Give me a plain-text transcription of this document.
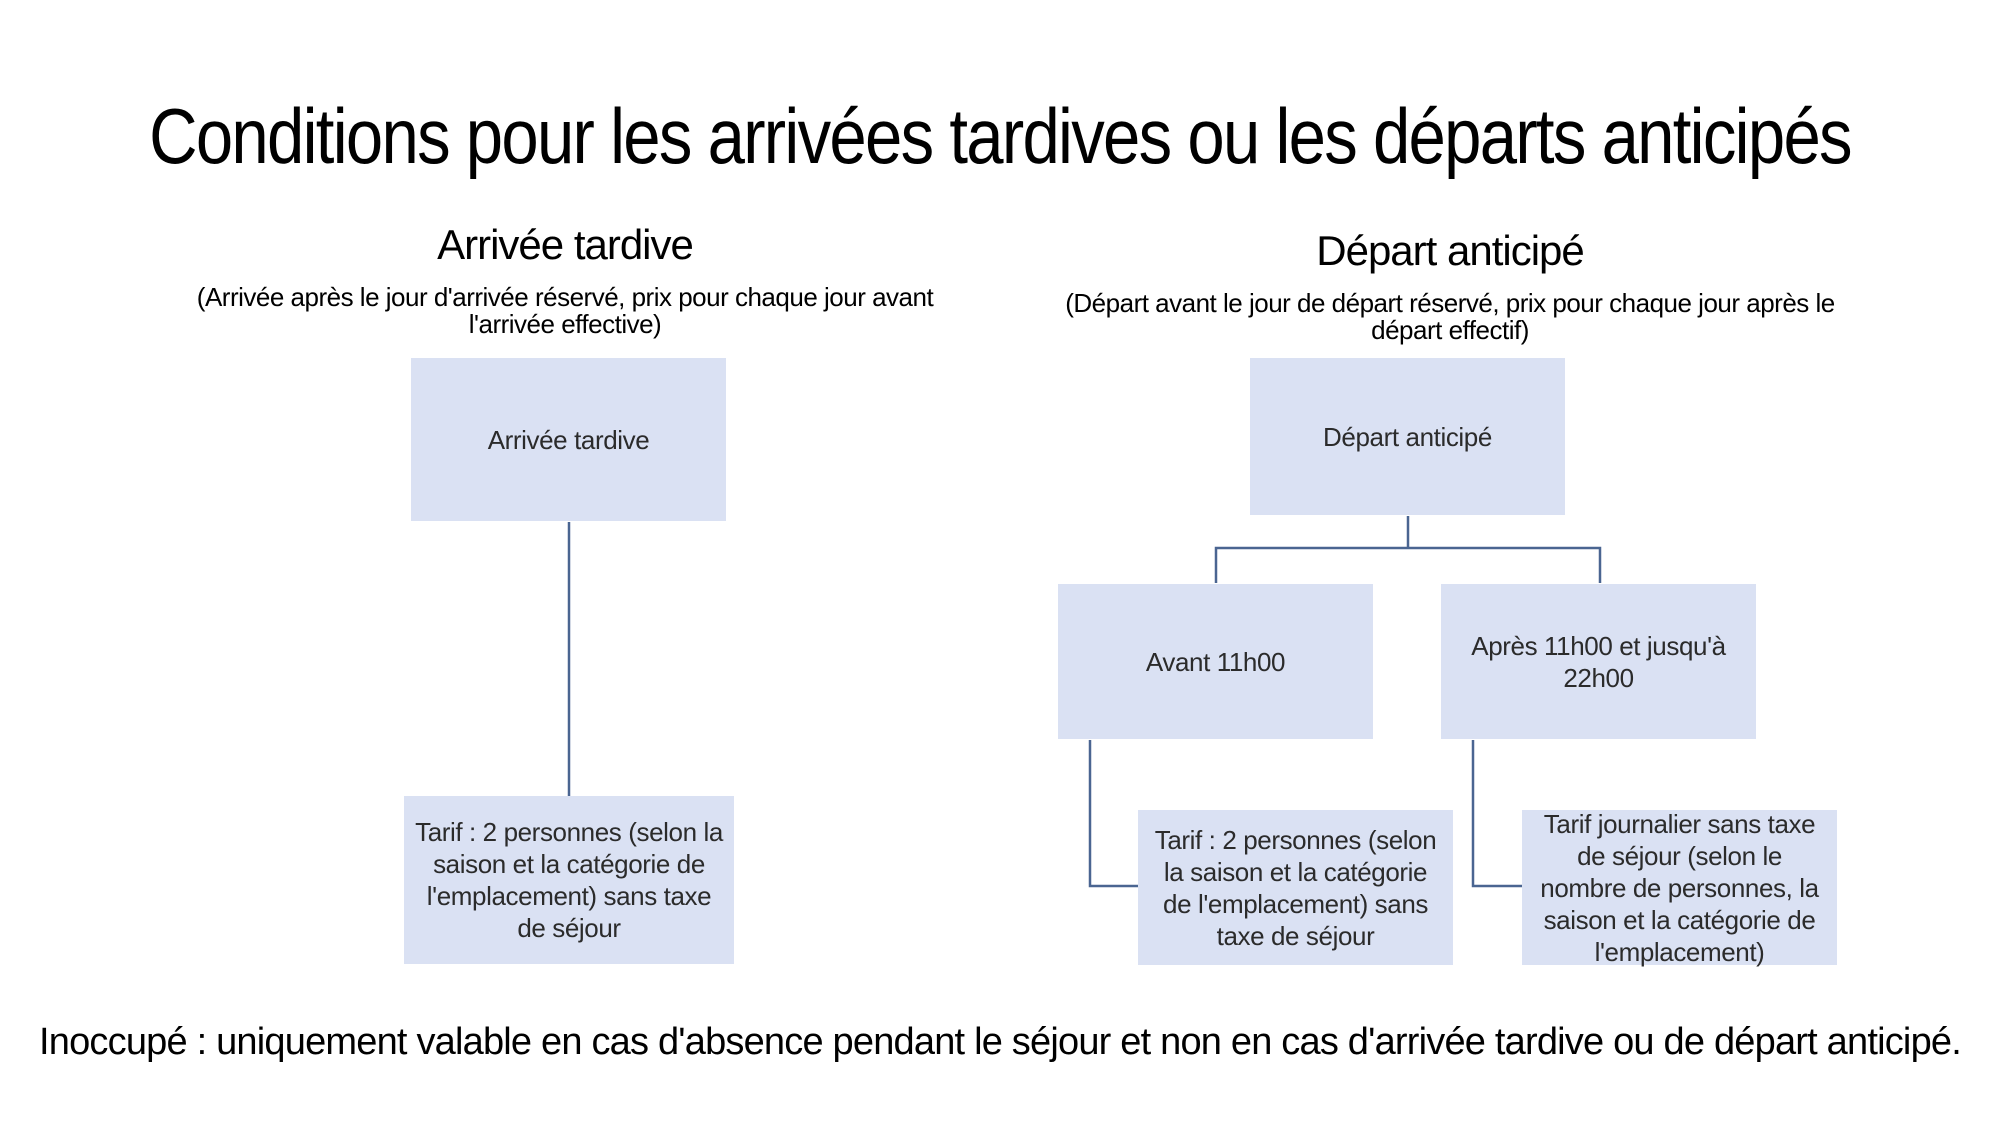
Conditions pour les arrivées tardives ou les départs anticipés
Arrivée tardive
(Arrivée après le jour d'arrivée réservé, prix pour chaque jour avant l'arrivée effective)
Arrivée tardive
Tarif : 2 personnes (selon la saison et la catégorie de l'emplacement) sans taxe de séjour
Départ anticipé
(Départ avant le jour de départ réservé, prix pour chaque jour après le départ effectif)
Départ anticipé
Avant 11h00
Après 11h00 et jusqu'à 22h00
Tarif : 2 personnes (selon la saison et la catégorie de l'emplacement) sans taxe de séjour
Tarif journalier sans taxe de séjour (selon le nombre de personnes, la saison et la catégorie de l'emplacement)
Inoccupé : uniquement valable en cas d'absence pendant le séjour et non en cas d'arrivée tardive ou de départ anticipé.
